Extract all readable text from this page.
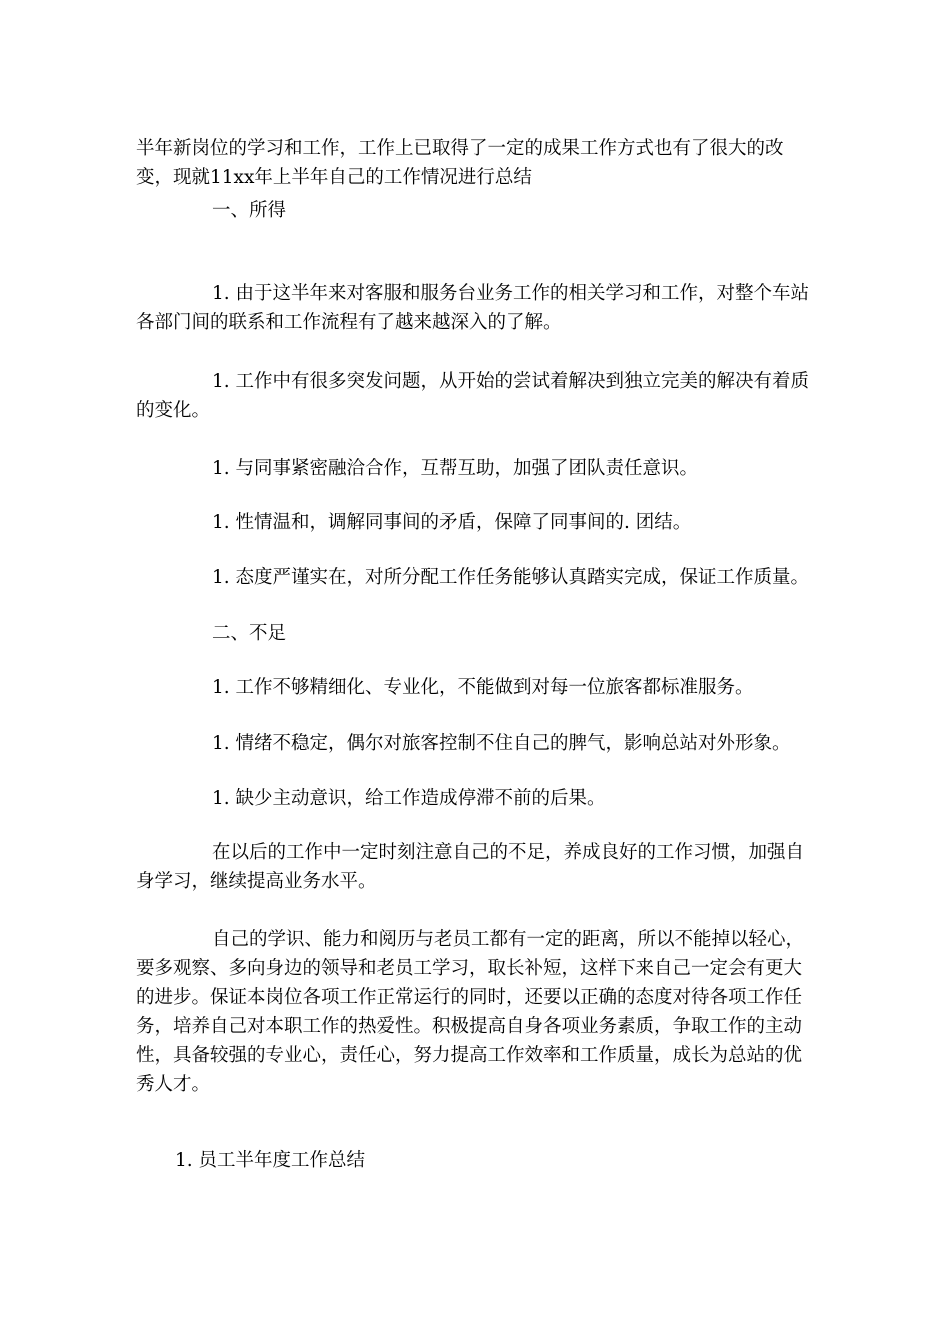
半年新岗位的学习和工作，工作上已取得了一定的成果工作方式也有了很大的改变，现就11xx年上半年自己的工作情况进行总结

一、所得

1. 由于这半年来对客服和服务台业务工作的相关学习和工作，对整个车站各部门间的联系和工作流程有了越来越深入的了解。

1. 工作中有很多突发问题，从开始的尝试着解决到独立完美的解决有着质的变化。

1. 与同事紧密融洽合作，互帮互助，加强了团队责任意识。

1. 性情温和，调解同事间的矛盾，保障了同事间的. 团结。

1. 态度严谨实在，对所分配工作任务能够认真踏实完成，保证工作质量。

二、不足

1. 工作不够精细化、专业化，不能做到对每一位旅客都标准服务。

1. 情绪不稳定，偶尔对旅客控制不住自己的脾气，影响总站对外形象。

1. 缺少主动意识，给工作造成停滞不前的后果。

在以后的工作中一定时刻注意自己的不足，养成良好的工作习惯，加强自身学习，继续提高业务水平。

自己的学识、能力和阅历与老员工都有一定的距离，所以不能掉以轻心，要多观察、多向身边的领导和老员工学习，取长补短，这样下来自己一定会有更大的进步。保证本岗位各项工作正常运行的同时，还要以正确的态度对待各项工作任务，培养自己对本职工作的热爱性。积极提高自身各项业务素质，争取工作的主动性，具备较强的专业心，责任心，努力提高工作效率和工作质量，成长为总站的优秀人才。

1. 员工半年度工作总结
